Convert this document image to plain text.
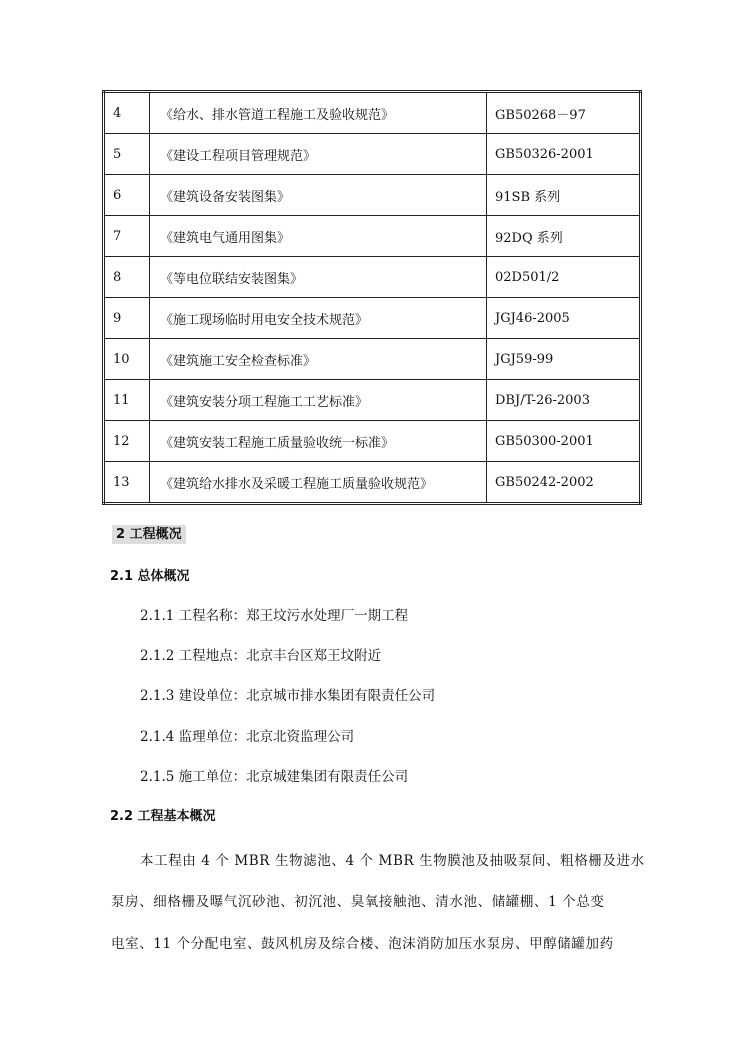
4	《给水、排水管道工程施工及验收规范》	GB50268－97
5	《建设工程项目管理规范》	GB50326-2001
6	《建筑设备安装图集》	91SB 系列
7	《建筑电气通用图集》	92DQ 系列
8	《等电位联结安装图集》	02D501/2
9	《施工现场临时用电安全技术规范》	JGJ46-2005
10	《建筑施工安全检查标准》	JGJ59-99
11	《建筑安装分项工程施工工艺标准》	DBJ/T-26-2003
12	《建筑安装工程施工质量验收统一标准》	GB50300-2001
13	《建筑给水排水及采暖工程施工质量验收规范》	GB50242-2002
2 工程概况
2.1 总体概况
2.1.1 工程名称：郑王坟污水处理厂一期工程
2.1.2 工程地点：北京丰台区郑王坟附近
2.1.3 建设单位：北京城市排水集团有限责任公司
2.1.4 监理单位：北京北资监理公司
2.1.5 施工单位：北京城建集团有限责任公司
2.2 工程基本概况
本工程由 4 个 MBR 生物滤池、4 个 MBR 生物膜池及抽吸泵间、粗格栅及进水
泵房、细格栅及曝气沉砂池、初沉池、臭氧接触池、清水池、储罐棚、1 个总变
电室、11 个分配电室、鼓风机房及综合楼、泡沫消防加压水泵房、甲醇储罐加药
